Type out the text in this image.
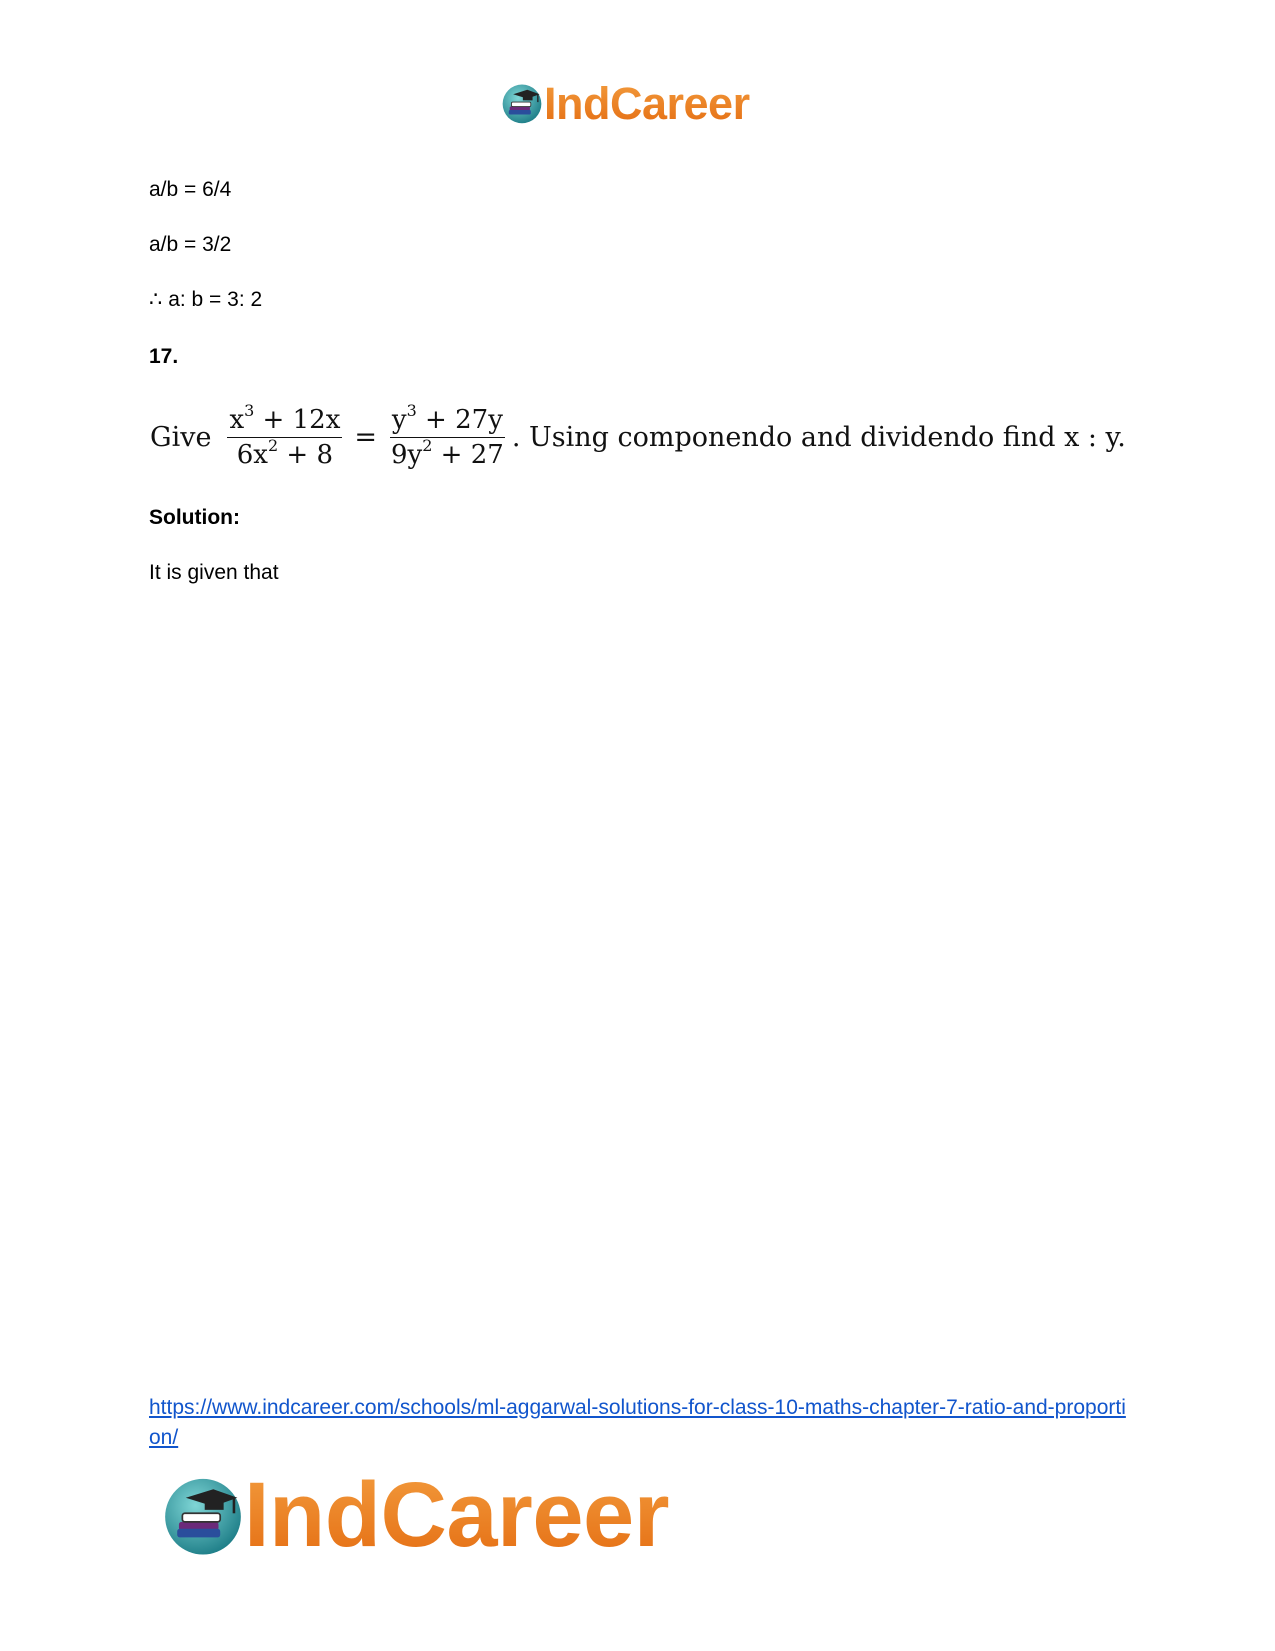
IndCareer
a/b = 6/4
a/b = 3/2
∴ a: b = 3: 2
17.
Give $\frac{x^3 + 12x}{6x^2 + 8} = \frac{y^3 + 27y}{9y^2 + 27}$ . Using componendo and dividendo find x : y.
Solution:
It is given that
https://www.indcareer.com/schools/ml-aggarwal-solutions-for-class-10-maths-chapter-7-ratio-and-proportion/
IndCareer
